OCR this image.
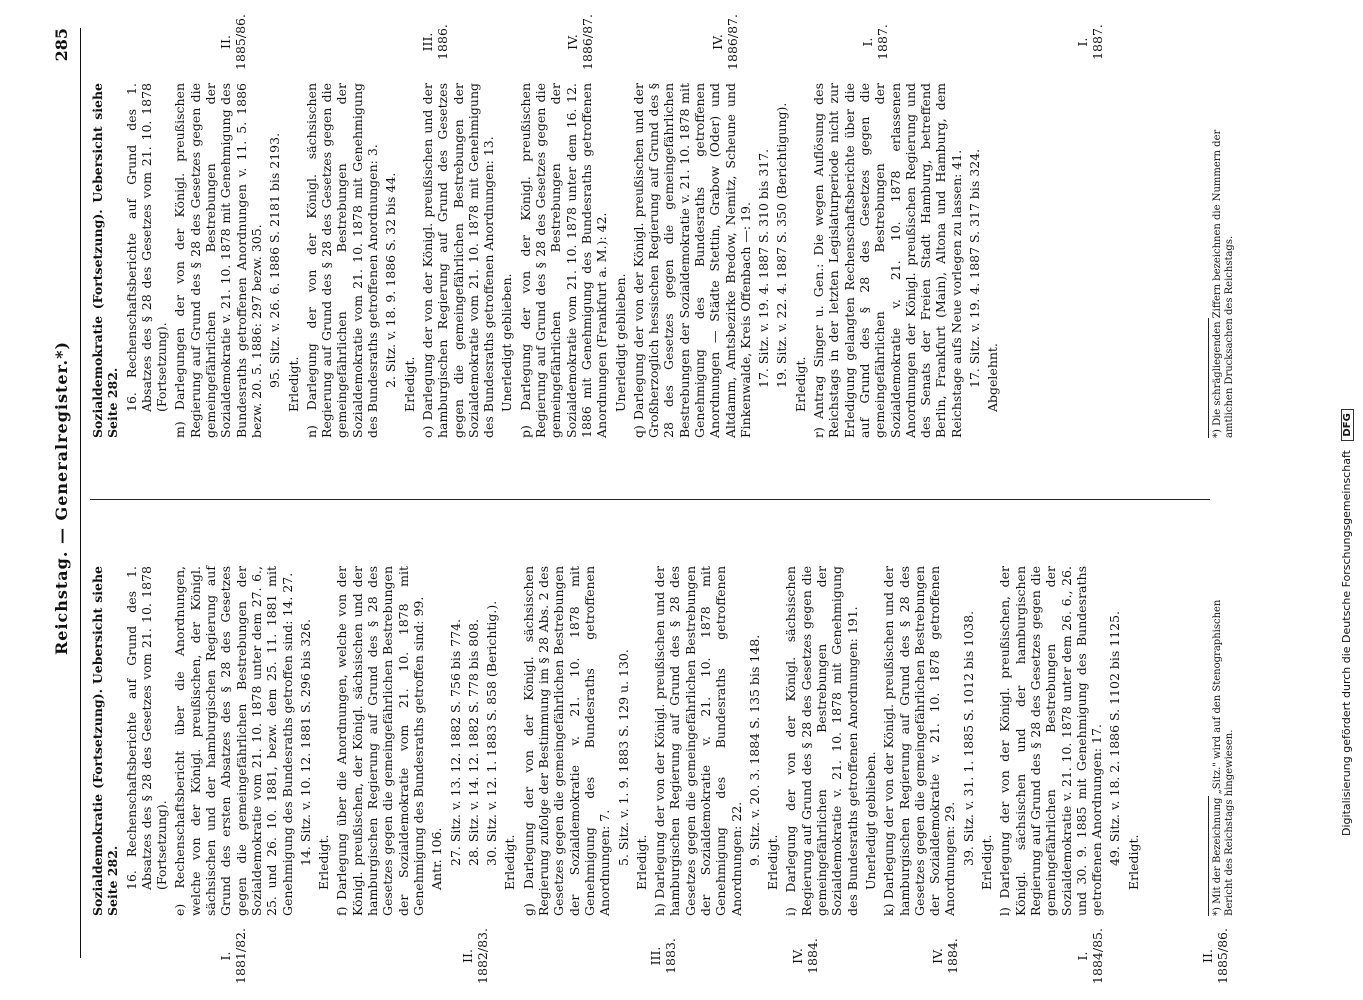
Reichstag. — Generalregister.*)
285
I. 1881/82.	II. 1882/83.	III. 1883.	IV. 1884.	IV. 1884.	I. 1884/85.	II. 1885/86.
Sozialdemokratie (Fortsetzung). Uebersicht siehe Seite 282. 16. Rechenschaftsberichte auf Grund des 1. Absatzes des § 28 des Gesetzes vom 21. 10. 1878 (Fortsetzung). e) Rechenschaftsbericht über die Anordnungen, welche von der Königl. preußischen, der Königl. sächsischen und der hamburgischen Regierung auf Grund des ersten Absatzes des § 28 des Gesetzes gegen die gemeingefährlichen Bestrebungen der Sozialdemokratie vom 21. 10. 1878 unter dem 27. 6., 25. und 26. 10. 1881, bezw. dem 25. 11. 1881 mit Genehmigung des Bundesraths getroffen sind: 14. 27. 14. Sitz. v. 10. 12. 1881 S. 296 bis 326. Erledigt. f) Darlegung über die Anordnungen, welche von der Königl. preußischen, der Königl. sächsischen und der hamburgischen Regierung auf Grund des § 28 des Gesetzes gegen die gemeingefährlichen Bestrebungen der Sozialdemokratie vom 21. 10. 1878 mit Genehmigung des Bundesraths getroffen sind: 99. Antr. 106. 27. Sitz. v. 13. 12. 1882 S. 756 bis 774. 28. Sitz. v. 14. 12. 1882 S. 778 bis 808. 30. Sitz. v. 12. 1. 1883 S. 858 (Berichtig.). Erledigt. g) Darlegung der von der Königl. sächsischen Regierung zufolge der Bestimmung im § 28 Abs. 2 des Gesetzes gegen die gemeingefährlichen Bestrebungen der Sozialdemokratie v. 21. 10. 1878 mit Genehmigung des Bundesraths getroffenen Anordnungen: 7. 5. Sitz. v. 1. 9. 1883 S. 129 u. 130. Erledigt. h) Darlegung der von der Königl. preußischen und der hamburgischen Regierung auf Grund des § 28 des Gesetzes gegen die gemeingefährlichen Bestrebungen der Sozialdemokratie v. 21. 10. 1878 mit Genehmigung des Bundesraths getroffenen Anordnungen: 22. 9. Sitz. v. 20. 3. 1884 S. 135 bis 148. Erledigt. i) Darlegung der von der Königl. sächsischen Regierung auf Grund des § 28 des Gesetzes gegen die gemeingefährlichen Bestrebungen der Sozialdemokratie v. 21. 10. 1878 mit Genehmigung des Bundesraths getroffenen Anordnungen: 191. Unerledigt geblieben. k) Darlegung der von der Königl. preußischen und der hamburgischen Regierung auf Grund des § 28 des Gesetzes gegen die gemeingefährlichen Bestrebungen der Sozialdemokratie v. 21. 10. 1878 getroffenen Anordnungen: 29. 39. Sitz. v. 31. 1. 1885 S. 1012 bis 1038. Erledigt. l) Darlegung der von der Königl. preußischen, der Königl. sächsischen und der hamburgischen Regierung auf Grund des § 28 des Gesetzes gegen die gemeingefährlichen Bestrebungen der Sozialdemokratie v. 21. 10. 1878 unter dem 26. 6., 26. und 30. 9. 1885 mit Genehmigung des Bundesraths getroffenen Anordnungen: 17. 49. Sitz. v. 18. 2. 1886 S. 1102 bis 1125. Erledigt.
II. 1885/86.	III. 1886.	IV. 1886/87.	IV. 1886/87.	I. 1887.	I. 1887.
Sozialdemokratie (Fortsetzung). Uebersicht siehe Seite 282. 16. Rechenschaftsberichte auf Grund des 1. Absatzes des § 28 des Gesetzes vom 21. 10. 1878 (Fortsetzung). m) Darlegungen der von der Königl. preußischen Regierung auf Grund des § 28 des Gesetzes gegen die gemeingefährlichen Bestrebungen der Sozialdemokratie v. 21. 10. 1878 mit Genehmigung des Bundesraths getroffenen Anordnungen v. 11. 5. 1886 bezw. 20. 5. 1886: 297 bezw. 305. 95. Sitz. v. 26. 6. 1886 S. 2181 bis 2193. Erledigt. n) Darlegung der von der Königl. sächsischen Regierung auf Grund des § 28 des Gesetzes gegen die gemeingefährlichen Bestrebungen der Sozialdemokratie vom 21. 10. 1878 mit Genehmigung des Bundesraths getroffenen Anordnungen: 3. 2. Sitz. v. 18. 9. 1886 S. 32 bis 44. Erledigt. o) Darlegung der von der Königl. preußischen und der hamburgischen Regierung auf Grund des Gesetzes gegen die gemeingefährlichen Bestrebungen der Sozialdemokratie vom 21. 10. 1878 mit Genehmigung des Bundesraths getroffenen Anordnungen: 13. Unerledigt geblieben. p) Darlegung der von der Königl. preußischen Regierung auf Grund des § 28 des Gesetzes gegen die gemeingefährlichen Bestrebungen der Sozialdemokratie vom 21. 10. 1878 unter dem 16. 12. 1886 mit Genehmigung des Bundesraths getroffenen Anordnungen (Frankfurt a. M.): 42. Unerledigt geblieben. q) Darlegung der von der Königl. preußischen und der Großherzoglich hessischen Regierung auf Grund des § 28 des Gesetzes gegen die gemeingefährlichen Bestrebungen der Sozialdemokratie v. 21. 10. 1878 mit Genehmigung des Bundesraths getroffenen Anordnungen — Städte Stettin, Grabow (Oder) und Altdamm, Amtsbezirke Bredow, Nemitz, Scheune und Finkenwalde, Kreis Offenbach —: 19. 17. Sitz. v. 19. 4. 1887 S. 310 bis 317. 19. Sitz. v. 22. 4. 1887 S. 350 (Berichtigung). Erledigt. r) Antrag Singer u. Gen.: Die wegen Auflösung des Reichstags in der letzten Legislaturperiode nicht zur Erledigung gelangten Rechenschaftsberichte über die auf Grund des § 28 des Gesetzes gegen die gemeingefährlichen Bestrebungen der Sozialdemokratie v. 21. 10. 1878 erlassenen Anordnungen der Königl. preußischen Regierung und des Senats der Freien Stadt Hamburg, betreffend Berlin, Frankfurt (Main), Altona und Hamburg, dem Reichstage aufs Neue vorlegen zu lassen: 41. 17. Sitz. v. 19. 4. 1887 S. 317 bis 324. Abgelehnt.
*) Mit der Bezeichnung „Sitz." wird auf den Stenographischen Bericht des Reichstags hingewiesen.
*) Die schrägliegenden Ziffern bezeichnen die Nummern der amtlichen Drucksachen des Reichstags.
Digitalisierung gefördert durch die Deutsche Forschungsgemeinschaft DFG
